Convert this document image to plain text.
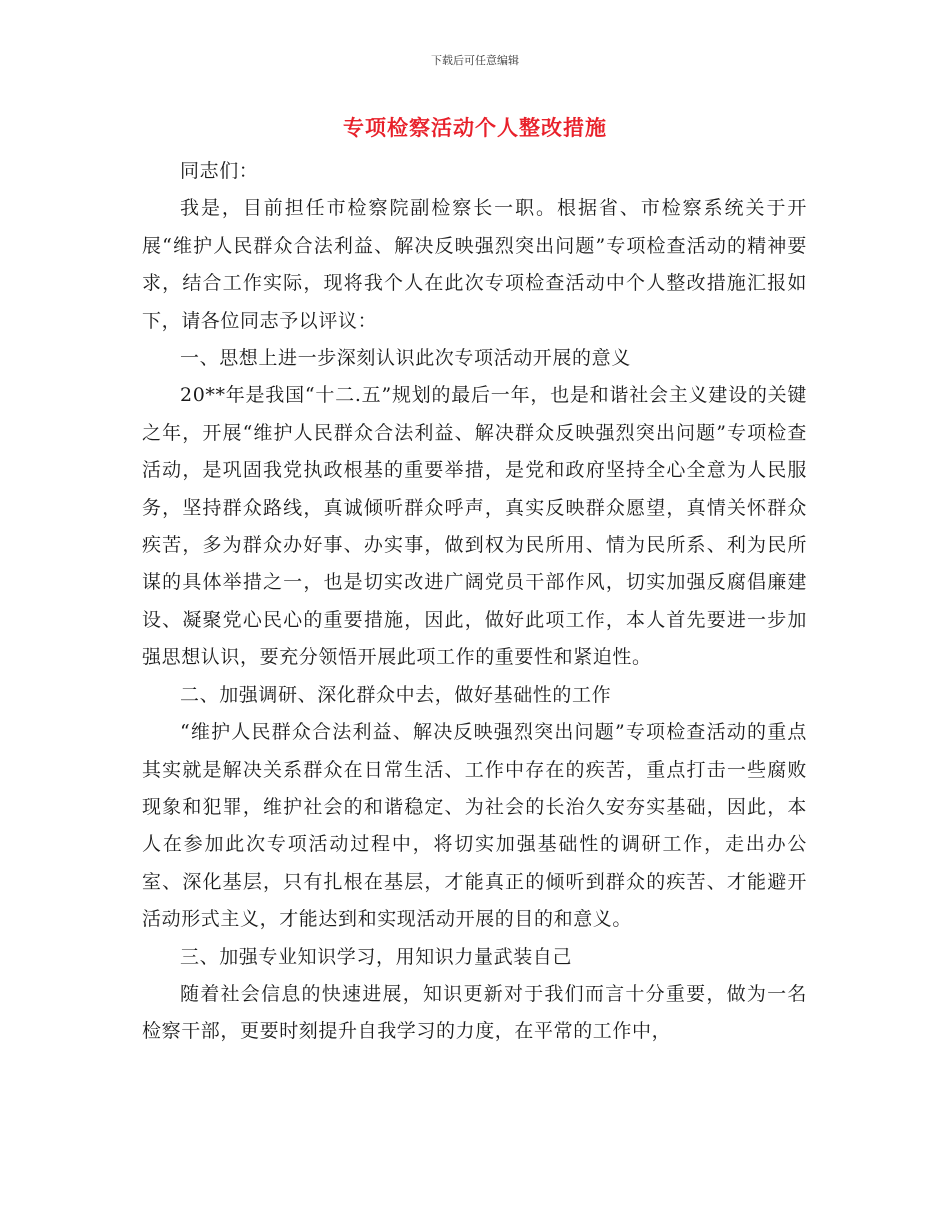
下载后可任意编辑
专项检察活动个人整改措施

同志们：

我是，目前担任市检察院副检察长一职。根据省、市检察系统关于开展“维护人民群众合法利益、解决反映强烈突出问题”专项检查活动的精神要求，结合工作实际，现将我个人在此次专项检查活动中个人整改措施汇报如下，请各位同志予以评议：

一、思想上进一步深刻认识此次专项活动开展的意义

20**年是我国“十二.五”规划的最后一年，也是和谐社会主义建设的关键之年，开展“维护人民群众合法利益、解决群众反映强烈突出问题”专项检查活动，是巩固我党执政根基的重要举措，是党和政府坚持全心全意为人民服务，坚持群众路线，真诚倾听群众呼声，真实反映群众愿望，真情关怀群众疾苦，多为群众办好事、办实事，做到权为民所用、情为民所系、利为民所谋的具体举措之一，也是切实改进广阔党员干部作风，切实加强反腐倡廉建设、凝聚党心民心的重要措施，因此，做好此项工作，本人首先要进一步加强思想认识，要充分领悟开展此项工作的重要性和紧迫性。

二、加强调研、深化群众中去，做好基础性的工作

“维护人民群众合法利益、解决反映强烈突出问题”专项检查活动的重点其实就是解决关系群众在日常生活、工作中存在的疾苦，重点打击一些腐败现象和犯罪，维护社会的和谐稳定、为社会的长治久安夯实基础，因此，本人在参加此次专项活动过程中，将切实加强基础性的调研工作，走出办公室、深化基层，只有扎根在基层，才能真正的倾听到群众的疾苦、才能避开活动形式主义，才能达到和实现活动开展的目的和意义。

三、加强专业知识学习，用知识力量武装自己

随着社会信息的快速进展，知识更新对于我们而言十分重要，做为一名检察干部，更要时刻提升自我学习的力度，在平常的工作中，
